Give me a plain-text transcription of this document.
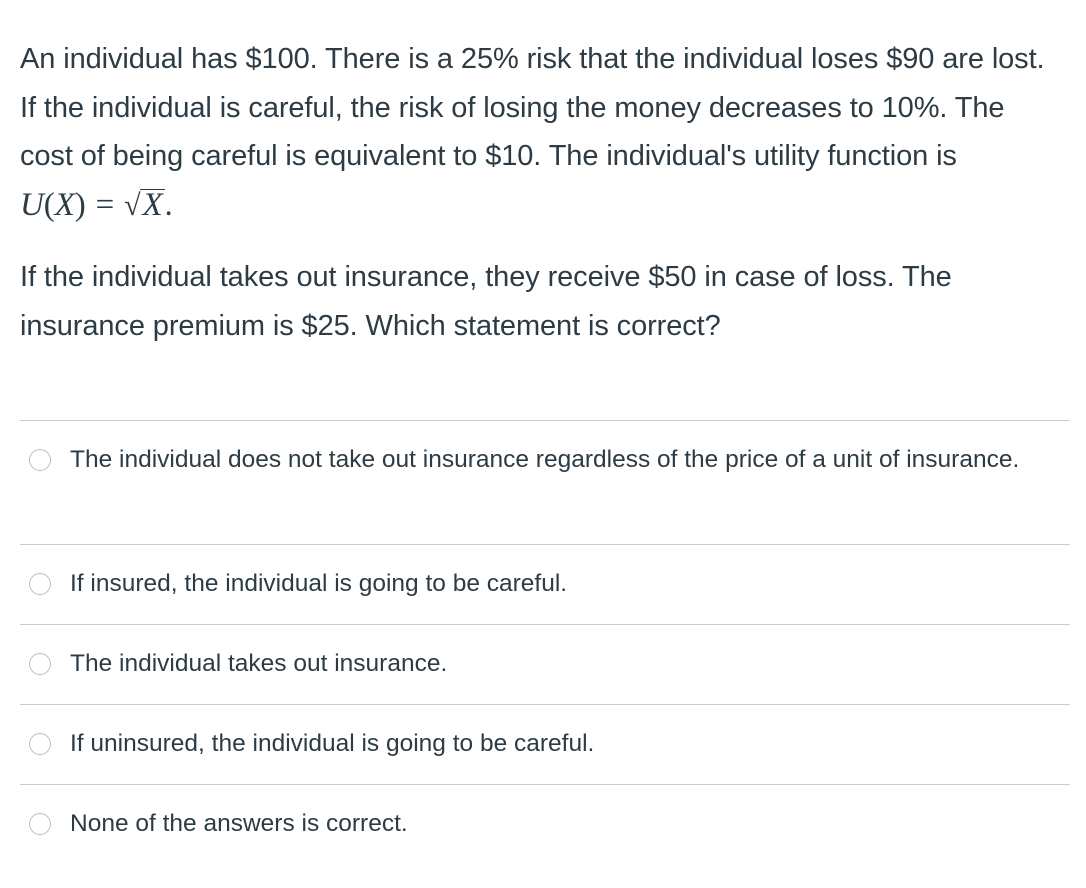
An individual has $100. There is a 25% risk that the individual loses $90 are lost. If the individual is careful, the risk of losing the money decreases to 10%. The cost of being careful is equivalent to $10. The individual's utility function is U(X) = √X.

If the individual takes out insurance, they receive $50 in case of loss. The insurance premium is $25. Which statement is correct?

The individual does not take out insurance regardless of the price of a unit of insurance.
If insured, the individual is going to be careful.
The individual takes out insurance.
If uninsured, the individual is going to be careful.
None of the answers is correct.
